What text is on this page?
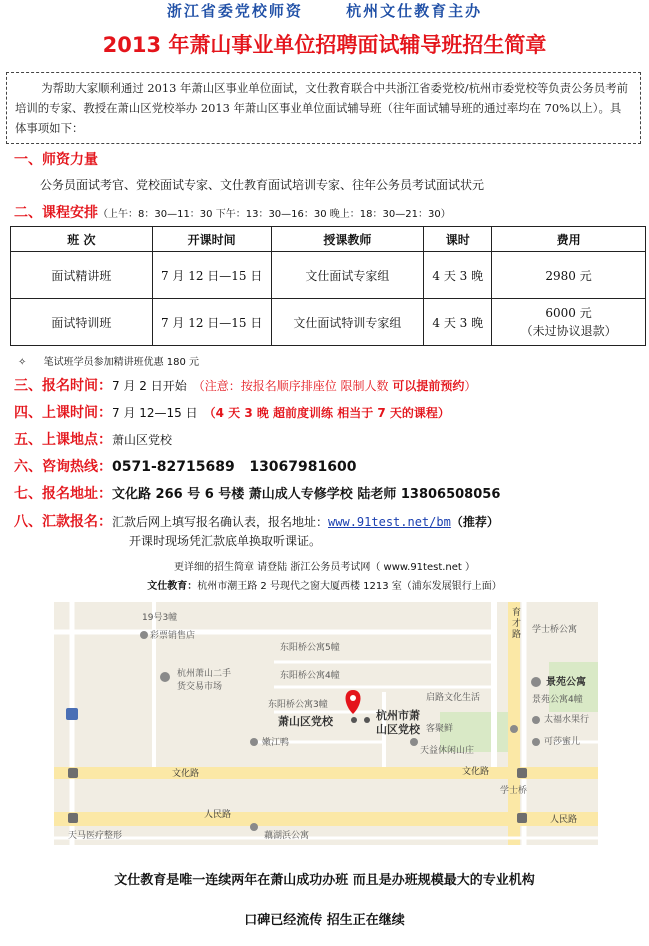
浙江省委党校师资      杭州文仕教育主办
2013 年萧山事业单位招聘面试辅导班招生简章
为帮助大家顺利通过 2013 年萧山区事业单位面试，文仕教育联合中共浙江省委党校/杭州市委党校等负责公务员考前培训的专家、教授在萧山区党校举办 2013 年萧山区事业单位面试辅导班（往年面试辅导班的通过率均在 70%以上）。具体事项如下：
一、师资力量
公务员面试考官、党校面试专家、文仕教育面试培训专家、往年公务员考试面试状元
二、课程安排（上午：8：30—11：30 下午：13：30—16：30 晚上：18：30—21：30）
班 次	开课时间	授课教师	课时	费用
面试精讲班	7 月 12 日—15 日	文仕面试专家组	4 天 3 晚	2980 元
面试特训班	7 月 12 日—15 日	文仕面试特训专家组	4 天 3 晚	6000 元
（未过协议退款）
✧ 笔试班学员参加精讲班优惠 180 元
三、报名时间：7 月 2 日开始 （注意：按报名顺序排座位 限制人数 可以提前预约）
四、上课时间：7 月 12—15 日 （4 天 3 晚 超前度训练 相当于 7 天的课程）
五、上课地点：萧山区党校
六、咨询热线：0571-82715689   13067981600
七、报名地址：文化路 266 号 6 号楼 萧山成人专修学校 陆老师 13806508056
八、汇款报名：汇款后网上填写报名确认表，报名地址：www.91test.net/bm（推荐）
开课时现场凭汇款底单换取听课证。
更详细的招生简章 请登陆 浙江公务员考试网（ www.91test.net ）
文仕教育：杭州市潮王路 2 号现代之窗大厦西楼 1213 室（浦东发展银行上面）
19号3幢
彩票销售店
杭州萧山二手
货交易市场
东阳桥公寓5幢
东阳桥公寓4幢
东阳桥公寓3幢
萧山区党校	杭州市萧
山区党校
启路文化生活
客聚鲜
嫩江鸭
天益休闲山庄
文化路	文化路
人民路	人民路
学士桥
天马医疗整形	藕湖浜公寓
学士桥公寓
景苑公寓
景苑公寓4幢
太福水果行
可莎蜜儿
育才路
文仕教育是唯一连续两年在萧山成功办班 而且是办班规模最大的专业机构
口碑已经流传 招生正在继续
